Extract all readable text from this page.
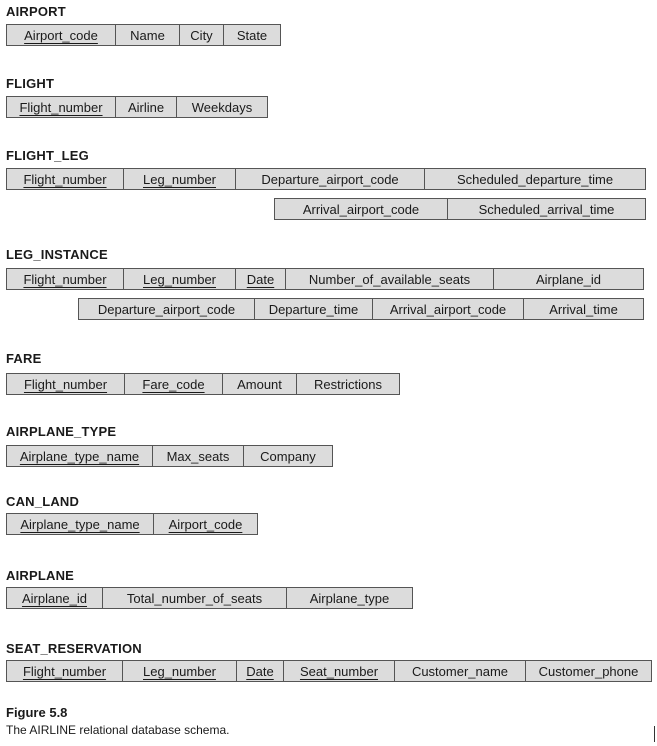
AIRPORT
Airport_code	Name	City	State
FLIGHT
Flight_number	Airline	Weekdays
FLIGHT_LEG
Flight_number	Leg_number	Departure_airport_code	Scheduled_departure_time
Arrival_airport_code	Scheduled_arrival_time
LEG_INSTANCE
Flight_number	Leg_number	Date	Number_of_available_seats	Airplane_id
Departure_airport_code	Departure_time	Arrival_airport_code	Arrival_time
FARE
Flight_number	Fare_code	Amount	Restrictions
AIRPLANE_TYPE
Airplane_type_name	Max_seats	Company
CAN_LAND
Airplane_type_name	Airport_code
AIRPLANE
Airplane_id	Total_number_of_seats	Airplane_type
SEAT_RESERVATION
Flight_number	Leg_number	Date	Seat_number	Customer_name	Customer_phone
Figure 5.8
The AIRLINE relational database schema.
